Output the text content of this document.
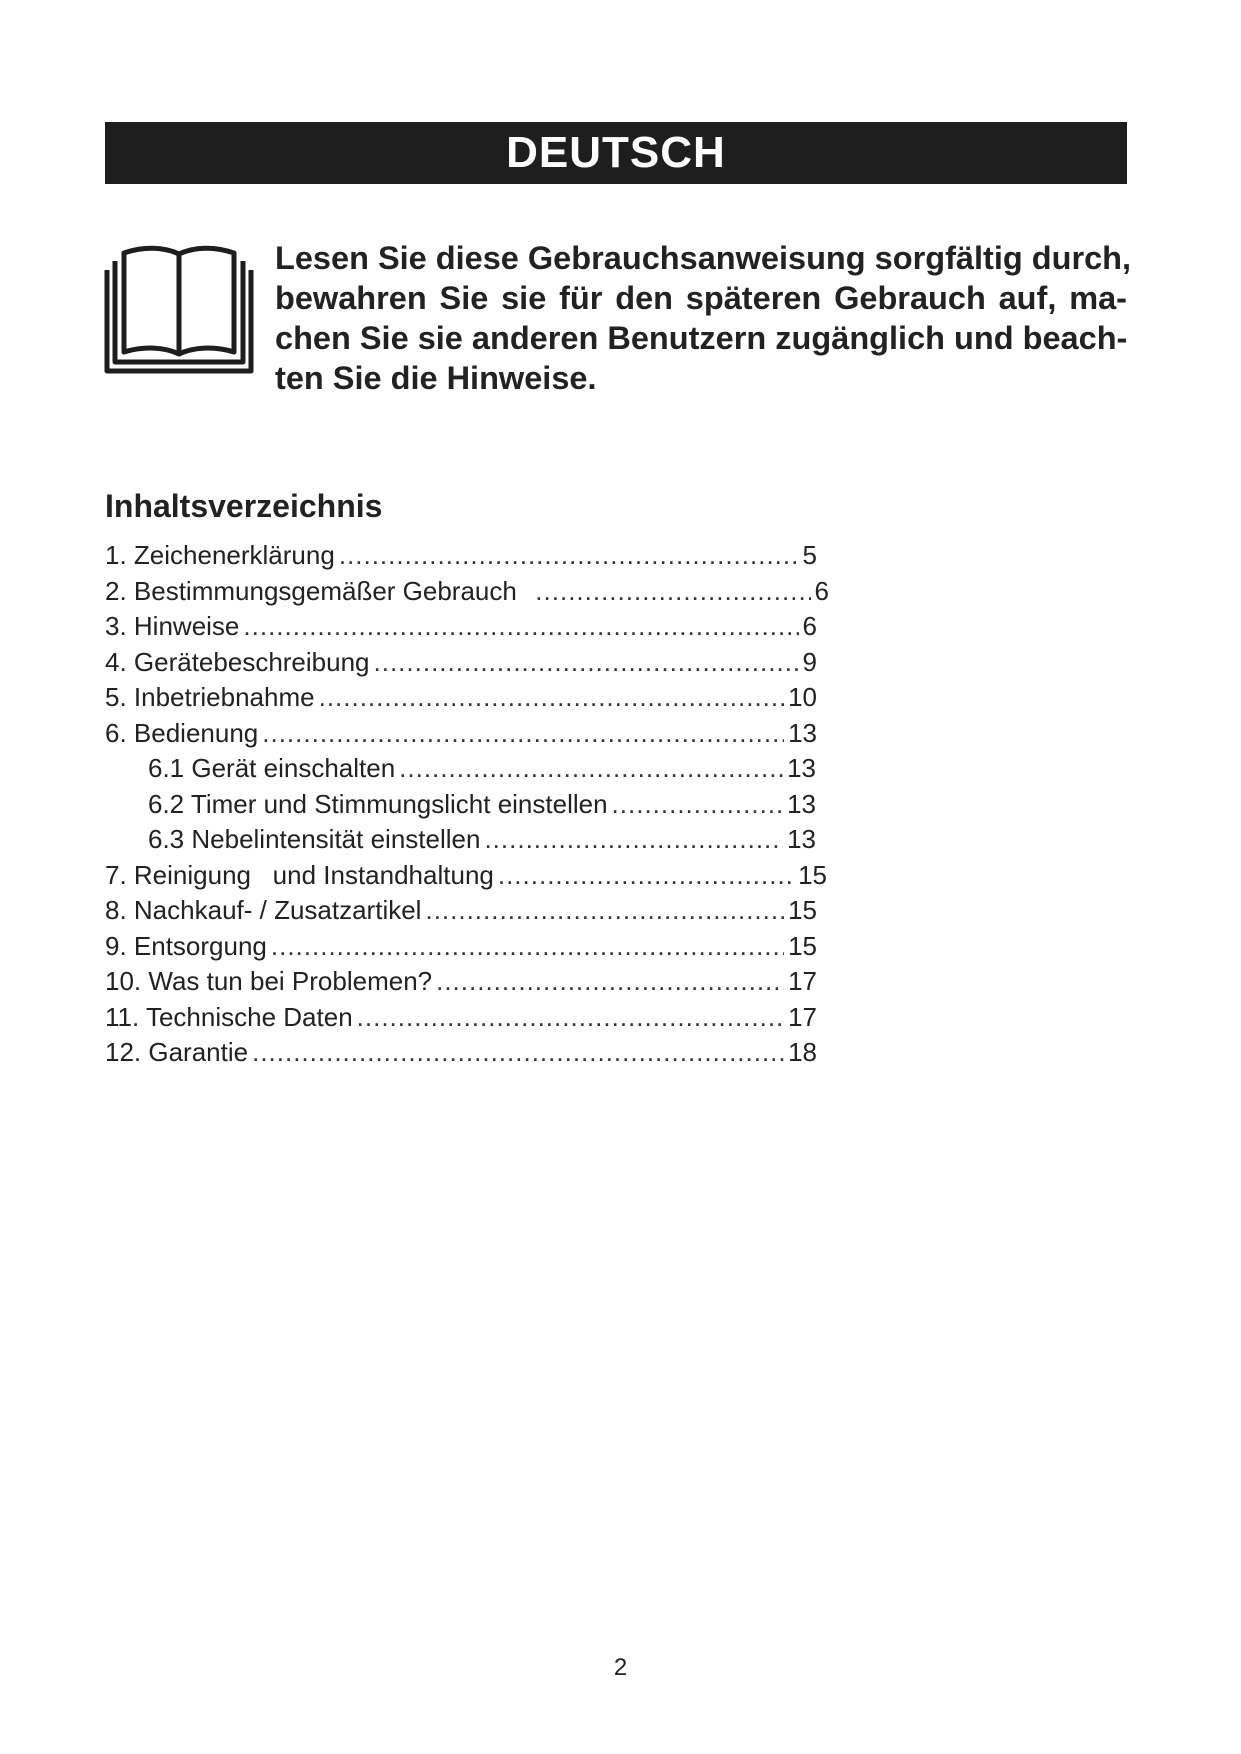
DEUTSCH

Lesen Sie diese Gebrauchsanweisung sorgfältig durch,
bewahren Sie sie für den späteren Gebrauch auf, ma-
chen Sie sie anderen Benutzern zugänglich und beach-
ten Sie die Hinweise.

Inhaltsverzeichnis
1. Zeichenerklärung .....	5
2. Bestimmungsgemäßer Gebrauch .....	6
3. Hinweise .....	6
4. Gerätebeschreibung .....	9
5. Inbetriebnahme .....	10
6. Bedienung .....	13
6.1 Gerät einschalten .....	13
6.2 Timer und Stimmungslicht einstellen .....	13
6.3 Nebelintensität einstellen .....	13
7. Reinigung   und Instandhaltung .....	15
8. Nachkauf- / Zusatzartikel .....	15
9. Entsorgung .....	15
10. Was tun bei Problemen? .....	17
11. Technische Daten .....	17
12. Garantie .....	18
2
